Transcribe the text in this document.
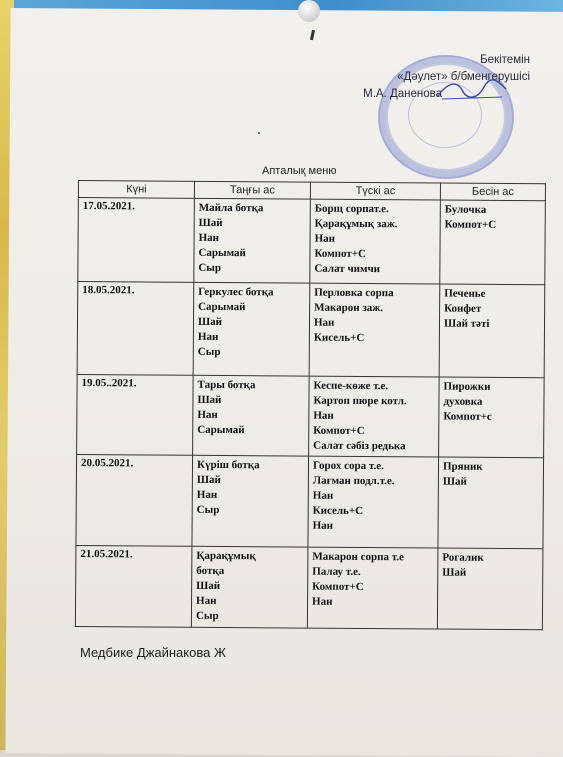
Бекітемін
«Дәулет» б/бменгерушісі
М.А. Даненова
Апталық меню
Күні	Таңғы ас	Түскі ас	Бесін ас
17.05.2021.	Майла ботқа
Шай
Нан
Сарымай
Сыр	Борщ сорпат.е.
Қарақұмық заж.
Нан
Компот+С
Салат чимчи	Булочка
Компот+С
18.05.2021.	Геркулес ботқа
Сарымай
Шай
Нан
Сыр	Перловка сорпа
Макарон заж.
Нан
Кисель+С	Печенье
Конфет
Шай тәті
19.05..2021.	Тары ботқа
Шай
Нан
Сарымай	Кеспе-көже т.е.
Картоп пюре котл.
Нан
Компот+С
Салат сәбіз редька	Пирожки
духовка
Компот+с
20.05.2021.	Күріш ботқа
Шай
Нан
Сыр	Горох сора т.е.
Лағман подл.т.е.
Нан
Кисель+С
Нан	Пряник
Шай
21.05.2021.	Қарақұмық
ботқа
Шай
Нан
Сыр	Макарон сорпа т.е
Палау т.е.
Компот+С
Нан	Рогалик
Шай
Медбике Джайнакова Ж
